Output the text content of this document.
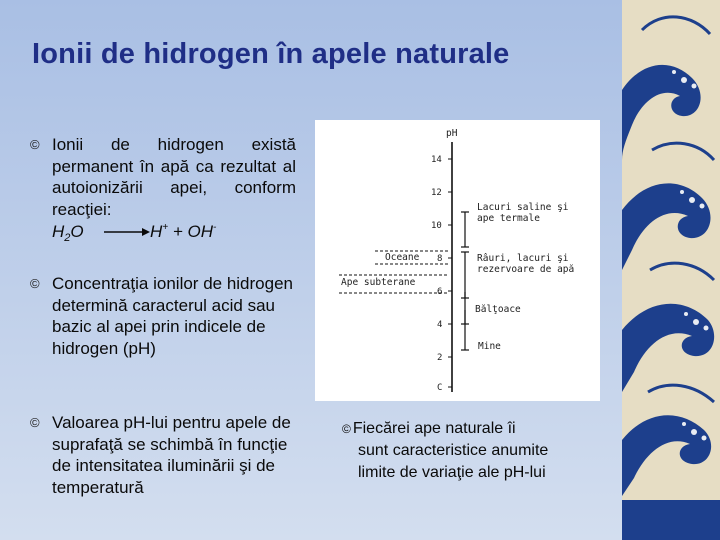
Ionii de hidrogen în apele naturale
© Ionii de hidrogen există permanent în apă ca rezultat al autoionizării apei, conform reacţiei:
$H_2O \to H^+ + OH^-$
© Concentraţia ionilor de hidrogen determină caracterul acid sau bazic al apei prin indicele de hidrogen (pH)
© Valoarea pH-lui pentru apele de suprafaţă se schimbă în funcţie de intensitatea iluminării şi de temperatură
pH
14
12
10
8
6
4
2
C
Lacuri saline şi
ape termale
Oceane	Râuri, lacuri şi
rezervoare de apă
Ape subterane
Bălţoace
Mine
© Fiecărei ape naturale îi
sunt caracteristice anumite
limite de variaţie ale pH-lui
